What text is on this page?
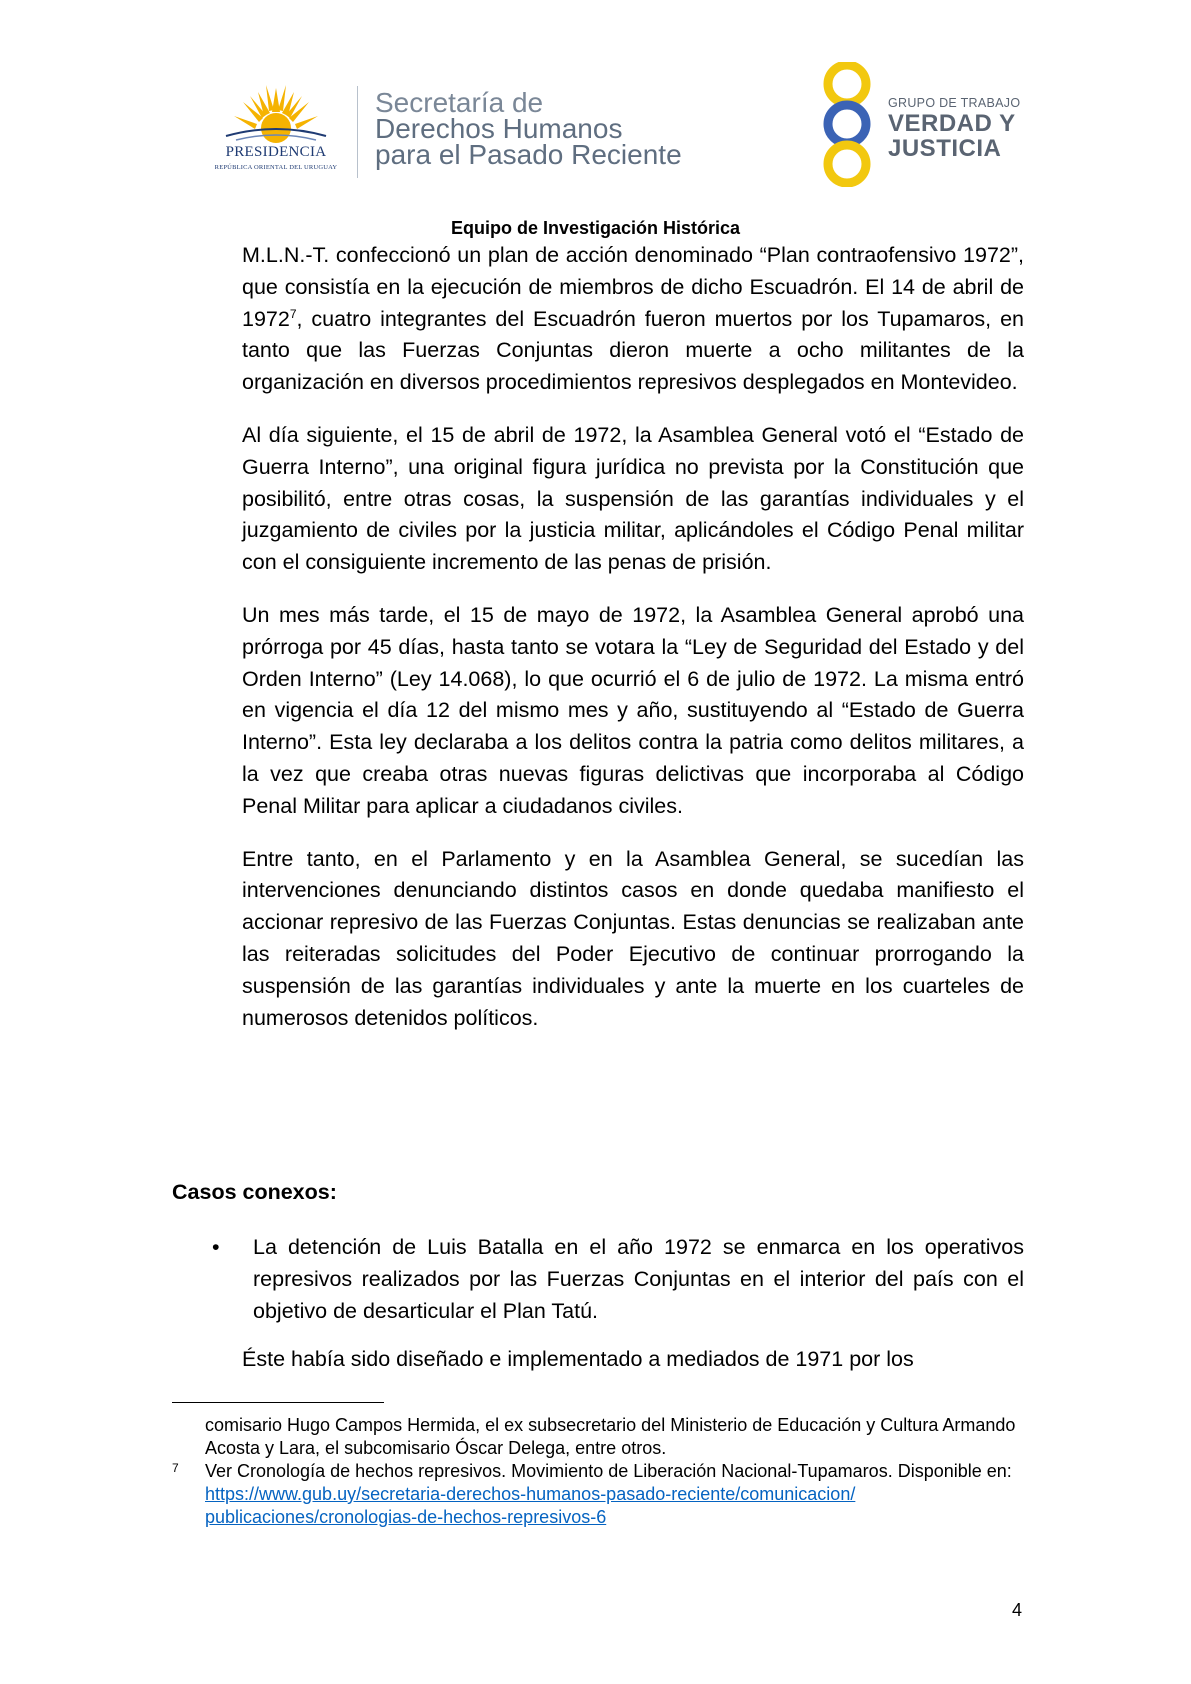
PRESIDENCIA
REPÚBLICA ORIENTAL DEL URUGUAY
Secretaría de
Derechos Humanos
para el Pasado Reciente
GRUPO DE TRABAJO
VERDAD Y
JUSTICIA
Equipo de Investigación Histórica

M.L.N.-T. confeccionó un plan de acción denominado “Plan contraofensivo 1972”, que consistía en la ejecución de miembros de dicho Escuadrón. El 14 de abril de 1972$^7$, cuatro integrantes del Escuadrón fueron muertos por los Tupamaros, en tanto que las Fuerzas Conjuntas dieron muerte a ocho militantes de la organización en diversos procedimientos represivos desplegados en Montevideo.

Al día siguiente, el 15 de abril de 1972, la Asamblea General votó el “Estado de Guerra Interno”, una original figura jurídica no prevista por la Constitución que posibilitó, entre otras cosas, la suspensión de las garantías individuales y el juzgamiento de civiles por la justicia militar, aplicándoles el Código Penal militar con el consiguiente incremento de las penas de prisión.

Un mes más tarde, el 15 de mayo de 1972, la Asamblea General aprobó una prórroga por 45 días, hasta tanto se votara la “Ley de Seguridad del Estado y del Orden Interno” (Ley 14.068), lo que ocurrió el 6 de julio de 1972. La misma entró en vigencia el día 12 del mismo mes y año, sustituyendo al “Estado de Guerra Interno”. Esta ley declaraba a los delitos contra la patria como delitos militares, a la vez que creaba otras nuevas figuras delictivas que incorporaba al Código Penal Militar para aplicar a ciudadanos civiles.

Entre tanto, en el Parlamento y en la Asamblea General, se sucedían las intervenciones denunciando distintos casos en donde quedaba manifiesto el accionar represivo de las Fuerzas Conjuntas. Estas denuncias se realizaban ante las reiteradas solicitudes del Poder Ejecutivo de continuar prorrogando la suspensión de las garantías individuales y ante la muerte en los cuarteles de numerosos detenidos políticos.

Casos conexos:
• La detención de Luis Batalla en el año 1972 se enmarca en los operativos represivos realizados por las Fuerzas Conjuntas en el interior del país con el objetivo de desarticular el Plan Tatú.
Éste había sido diseñado e implementado a mediados de 1971 por los
comisario Hugo Campos Hermida, el ex subsecretario del Ministerio de Educación y Cultura Armando Acosta y Lara, el subcomisario Óscar Delega, entre otros.
7 Ver Cronología de hechos represivos. Movimiento de Liberación Nacional-Tupamaros. Disponible en:
https://www.gub.uy/secretaria-derechos-humanos-pasado-reciente/comunicacion/
publicaciones/cronologias-de-hechos-represivos-6
4
